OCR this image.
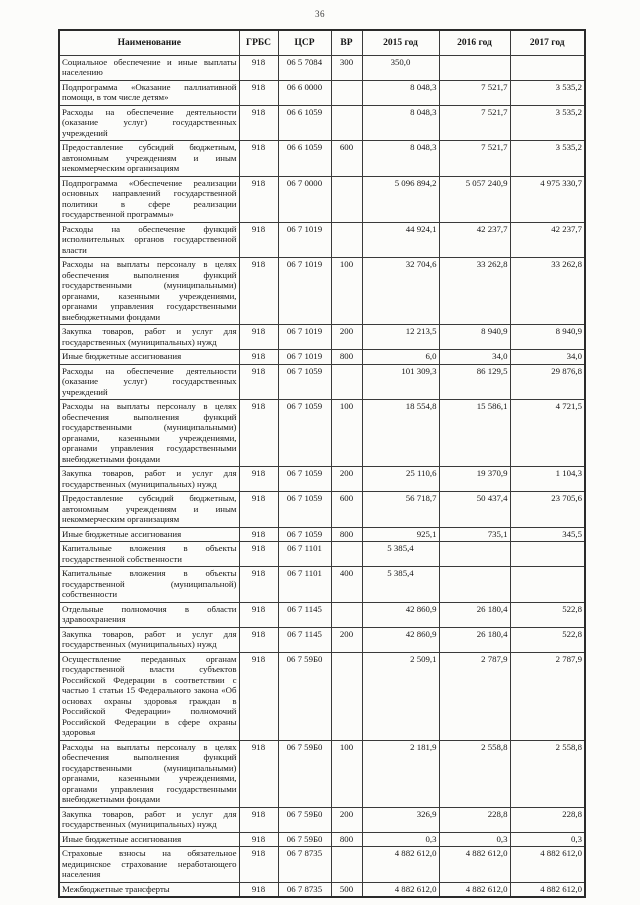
36
Наименование	ГРБС	ЦСР	ВР	2015 год	2016 год	2017 год
Социальное обеспечение и иные выплаты населению	918	06 5 7084	300	350,0		
Подпрограмма «Оказание паллиативной помощи, в том числе детям»	918	06 6 0000		8 048,3	7 521,7	3 535,2
Расходы на обеспечение деятельности (оказание услуг) государственных учреждений	918	06 6 1059		8 048,3	7 521,7	3 535,2
Предоставление субсидий бюджетным, автономным учреждениям и иным некоммерческим организациям	918	06 6 1059	600	8 048,3	7 521,7	3 535,2
Подпрограмма «Обеспечение реализации основных направлений государственной политики в сфере реализации государственной программы»	918	06 7 0000		5 096 894,2	5 057 240,9	4 975 330,7
Расходы на обеспечение функций исполнительных органов государственной власти	918	06 7 1019		44 924,1	42 237,7	42 237,7
Расходы на выплаты персоналу в целях обеспечения выполнения функций государственными (муниципальными) органами, казенными учреждениями, органами управления государственными внебюджетными фондами	918	06 7 1019	100	32 704,6	33 262,8	33 262,8
Закупка товаров, работ и услуг для государственных (муниципальных) нужд	918	06 7 1019	200	12 213,5	8 940,9	8 940,9
Иные бюджетные ассигнования	918	06 7 1019	800	6,0	34,0	34,0
Расходы на обеспечение деятельности (оказание услуг) государственных учреждений	918	06 7 1059		101 309,3	86 129,5	29 876,8
Расходы на выплаты персоналу в целях обеспечения выполнения функций государственными (муниципальными) органами, казенными учреждениями, органами управления государственными внебюджетными фондами	918	06 7 1059	100	18 554,8	15 586,1	4 721,5
Закупка товаров, работ и услуг для государственных (муниципальных) нужд	918	06 7 1059	200	25 110,6	19 370,9	1 104,3
Предоставление субсидий бюджетным, автономным учреждениям и иным некоммерческим организациям	918	06 7 1059	600	56 718,7	50 437,4	23 705,6
Иные бюджетные ассигнования	918	06 7 1059	800	925,1	735,1	345,5
Капитальные вложения в объекты государственной собственности	918	06 7 1101		5 385,4		
Капитальные вложения в объекты государственной (муниципальной) собственности	918	06 7 1101	400	5 385,4		
Отдельные полномочия в области здравоохранения	918	06 7 1145		42 860,9	26 180,4	522,8
Закупка товаров, работ и услуг для государственных (муниципальных) нужд	918	06 7 1145	200	42 860,9	26 180,4	522,8
Осуществление переданных органам государственной власти субъектов Российской Федерации в соответствии с частью 1 статьи 15 Федерального закона «Об основах охраны здоровья граждан в Российской Федерации» полномочий Российской Федерации в сфере охраны здоровья	918	06 7 59Б0		2 509,1	2 787,9	2 787,9
Расходы на выплаты персоналу в целях обеспечения выполнения функций государственными (муниципальными) органами, казенными учреждениями, органами управления государственными внебюджетными фондами	918	06 7 59Б0	100	2 181,9	2 558,8	2 558,8
Закупка товаров, работ и услуг для государственных (муниципальных) нужд	918	06 7 59Б0	200	326,9	228,8	228,8
Иные бюджетные ассигнования	918	06 7 59Б0	800	0,3	0,3	0,3
Страховые взносы на обязательное медицинское страхование неработающего населения	918	06 7 8735		4 882 612,0	4 882 612,0	4 882 612,0
Межбюджетные трансферты	918	06 7 8735	500	4 882 612,0	4 882 612,0	4 882 612,0
